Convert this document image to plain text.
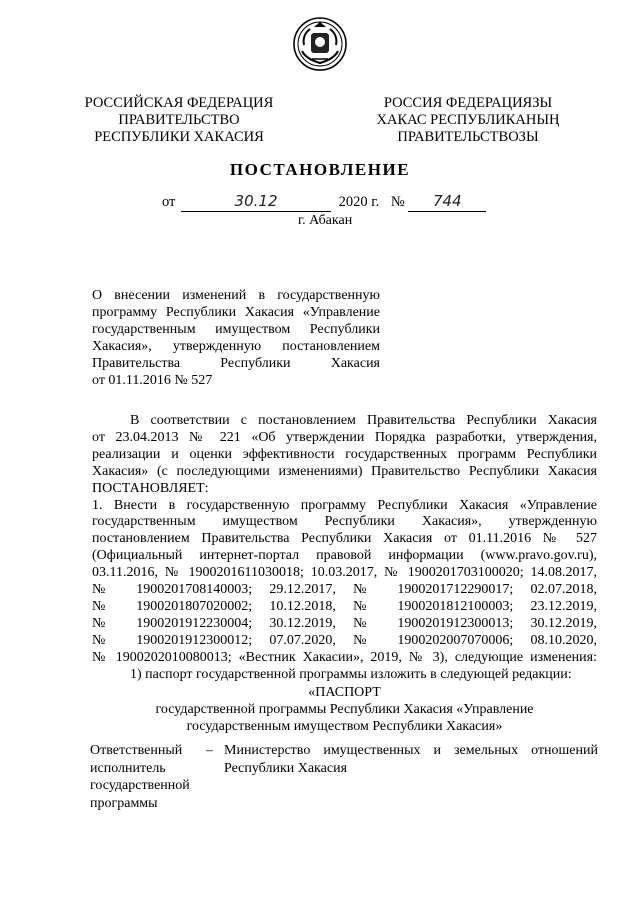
РОССИЙСКАЯ ФЕДЕРАЦИЯ
ПРАВИТЕЛЬСТВО
РЕСПУБЛИКИ ХАКАСИЯ
РОССИЯ ФЕДЕРАЦИЯЗЫ
ХАКАС РЕСПУБЛИКАНЫҢ
ПРАВИТЕЛЬСТВОЗЫ
ПОСТАНОВЛЕНИЕ
от	30.12	2020 г. № 744
г. Абакан
О внесении изменений в государственную
программу Республики Хакасия «Управление
государственным имуществом Республики
Хакасия», утвержденную постановлением
Правительства Республики Хакасия
от 01.11.2016 № 527
В соответствии с постановлением Правительства Республики Хакасия
от 23.04.2013 № 221 «Об утверждении Порядка разработки, утверждения,
реализации и оценки эффективности государственных программ Республики
Хакасия» (с последующими изменениями) Правительство Республики Хакасия
ПОСТАНОВЛЯЕТ:
1. Внести в государственную программу Республики Хакасия «Управление
государственным имуществом Республики Хакасия», утвержденную
постановлением Правительства Республики Хакасия от 01.11.2016 № 527
(Официальный интернет-портал правовой информации (www.pravo.gov.ru),
03.11.2016, № 1900201611030018; 10.03.2017, № 1900201703100020; 14.08.2017,
№ 1900201708140003; 29.12.2017, № 1900201712290017; 02.07.2018,
№ 1900201807020002; 10.12.2018, № 1900201812100003; 23.12.2019,
№ 1900201912230004; 30.12.2019, № 1900201912300013; 30.12.2019,
№ 1900201912300012; 07.07.2020, № 1900202007070006; 08.10.2020,
№ 1900202010080013; «Вестник Хакасии», 2019, № 3), следующие изменения:
1) паспорт государственной программы изложить в следующей редакции:
«ПАСПОРТ
государственной программы Республики Хакасия «Управление
государственным имуществом Республики Хакасия»
Ответственный
исполнитель
государственной
программы
– Министерство имущественных и земельных отношений
Республики Хакасия
